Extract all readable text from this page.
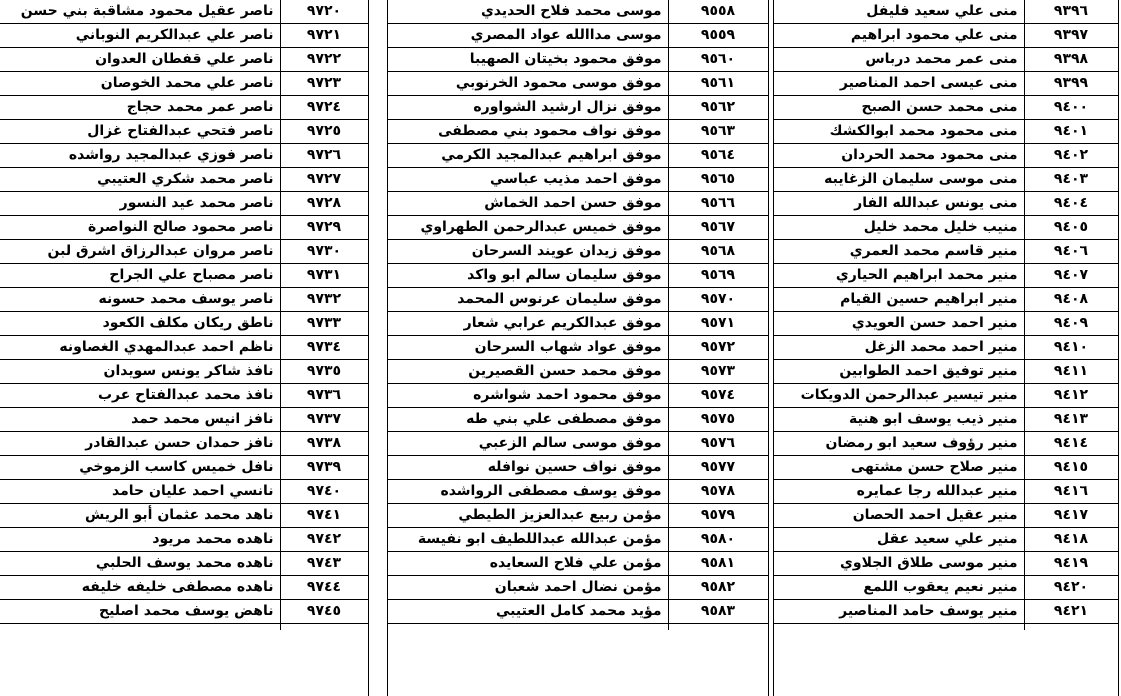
منى علي سعيد فليفل	٩٣٩٦
منى علي محمود ابراهيم	٩٣٩٧
منى عمر محمد درباس	٩٣٩٨
منى عيسى احمد المناصير	٩٣٩٩
منى محمد حسن الصبح	٩٤٠٠
منى محمود محمد ابوالكشك	٩٤٠١
منى محمود محمد الحردان	٩٤٠٢
منى موسى سليمان الزغايبه	٩٤٠٣
منى يونس عبدالله الفار	٩٤٠٤
منيب خليل محمد خليل	٩٤٠٥
منير قاسم محمد العمري	٩٤٠٦
منير محمد ابراهيم الحياري	٩٤٠٧
منير ابراهيم حسين القيام	٩٤٠٨
منير احمد حسن العويدي	٩٤٠٩
منير احمد محمد الزغل	٩٤١٠
منير توفيق احمد الطوابين	٩٤١١
منير تيسير عبدالرحمن الدويكات	٩٤١٢
منير ذيب يوسف ابو هنية	٩٤١٣
منير رؤوف سعيد ابو رمضان	٩٤١٤
منير صلاح حسن مشتهى	٩٤١٥
منير عبدالله رجا عمايره	٩٤١٦
منير عقيل احمد الحصان	٩٤١٧
منير علي سعيد عقل	٩٤١٨
منير موسى طلاق الجلاوي	٩٤١٩
منير نعيم يعقوب اللمع	٩٤٢٠
منير يوسف حامد المناصير	٩٤٢١

موسى محمد فلاح الحديدي	٩٥٥٨
موسى مداالله عواد المصري	٩٥٥٩
موفق محمود بخيتان الصهيبا	٩٥٦٠
موفق موسى محمود الخرنوبي	٩٥٦١
موفق نزال ارشيد الشواوره	٩٥٦٢
موفق نواف محمود بني مصطفى	٩٥٦٣
موفق ابراهيم عبدالمجيد الكرمي	٩٥٦٤
موفق احمد مذيب عباسي	٩٥٦٥
موفق حسن احمد الخماش	٩٥٦٦
موفق خميس عبدالرحمن الطهراوي	٩٥٦٧
موفق زيدان عويند السرحان	٩٥٦٨
موفق سليمان سالم ابو واكد	٩٥٦٩
موفق سليمان عرنوس المحمد	٩٥٧٠
موفق عبدالكريم عرابي شعار	٩٥٧١
موفق عواد شهاب السرحان	٩٥٧٢
موفق محمد حسن القصيرين	٩٥٧٣
موفق محمود احمد شواشره	٩٥٧٤
موفق مصطفى علي بني طه	٩٥٧٥
موفق موسى سالم الزعبي	٩٥٧٦
موفق نواف حسين نوافله	٩٥٧٧
موفق يوسف مصطفى الرواشده	٩٥٧٨
مؤمن ربيع عبدالعزيز الطيطي	٩٥٧٩
مؤمن عبدالله عبداللطيف ابو نفيسة	٩٥٨٠
مؤمن علي فلاح السعايده	٩٥٨١
مؤمن نضال احمد شعبان	٩٥٨٢
مؤيد محمد كامل العتيبي	٩٥٨٣

ناصر عقيل محمود مشاقبة بني حسن	٩٧٢٠
ناصر علي عبدالكريم النوباني	٩٧٢١
ناصر علي قفطان العدوان	٩٧٢٢
ناصر علي محمد الخوصان	٩٧٢٣
ناصر عمر محمد حجاج	٩٧٢٤
ناصر فتحي عبدالفتاح غزال	٩٧٢٥
ناصر فوزي عبدالمجيد رواشده	٩٧٢٦
ناصر محمد شكري العتيبي	٩٧٢٧
ناصر محمد عيد النسور	٩٧٢٨
ناصر محمود صالح النواصرة	٩٧٢٩
ناصر مروان عبدالرزاق اشرق لبن	٩٧٣٠
ناصر مصباح علي الجراح	٩٧٣١
ناصر يوسف محمد حسونه	٩٧٣٢
ناطق ريكان مكلف الكعود	٩٧٣٣
ناظم احمد عبدالمهدي الغصاونه	٩٧٣٤
نافذ شاكر يونس سويدان	٩٧٣٥
نافذ محمد عبدالفتاح عرب	٩٧٣٦
نافز انيس محمد حمد	٩٧٣٧
نافز حمدان حسن عبدالقادر	٩٧٣٨
نافل خميس كاسب الزموخي	٩٧٣٩
نانسي احمد عليان حامد	٩٧٤٠
ناهد محمد عثمان أبو الريش	٩٧٤١
ناهده محمد مريود	٩٧٤٢
ناهده محمد يوسف الحلبي	٩٧٤٣
ناهده مصطفى خليفه خليفه	٩٧٤٤
ناهض يوسف محمد اصليح	٩٧٤٥
